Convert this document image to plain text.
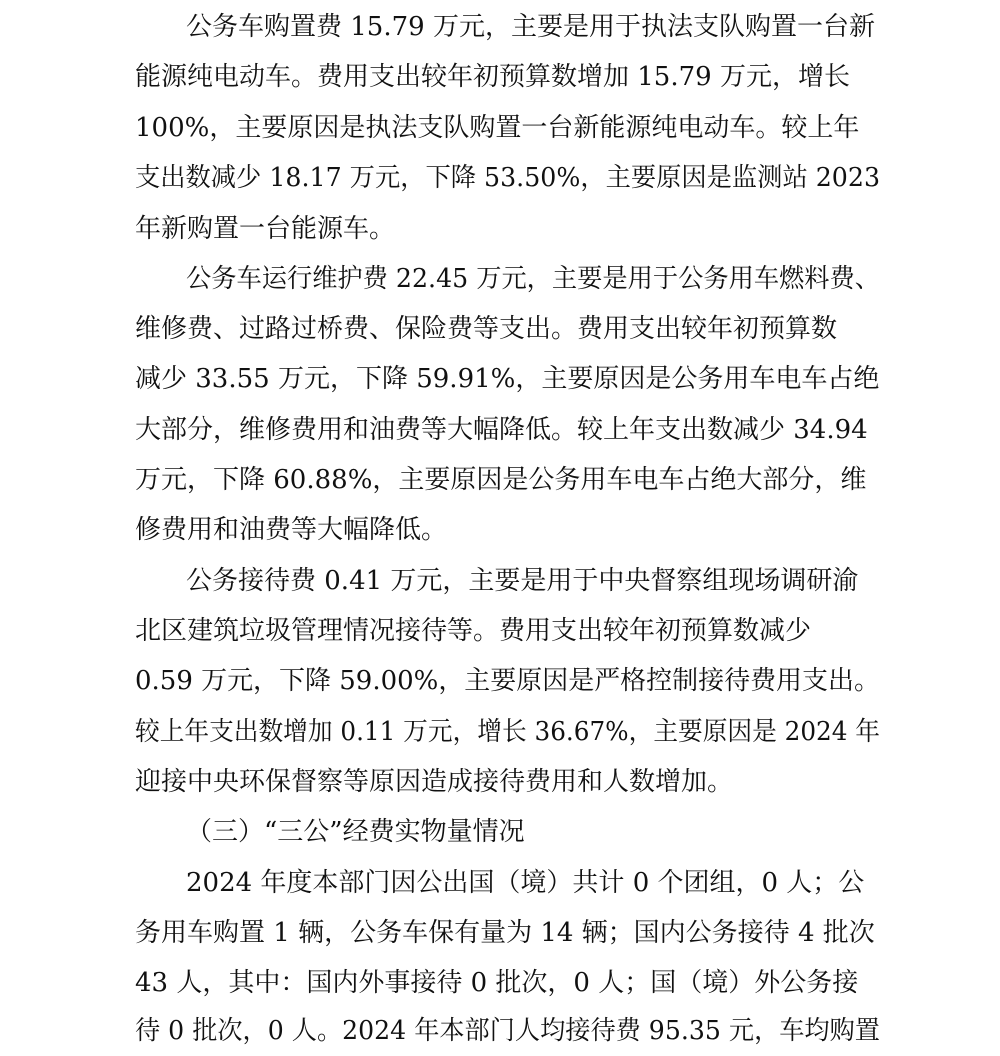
公务车购置费 15.79 万元，主要是用于执法支队购置一台新
能源纯电动车。费用支出较年初预算数增加 15.79 万元，增长
100%，主要原因是执法支队购置一台新能源纯电动车。较上年
支出数减少 18.17 万元，下降 53.50%，主要原因是监测站 2023
年新购置一台能源车。
公务车运行维护费 22.45 万元，主要是用于公务用车燃料费、
维修费、过路过桥费、保险费等支出。费用支出较年初预算数
减少 33.55 万元，下降 59.91%，主要原因是公务用车电车占绝
大部分，维修费用和油费等大幅降低。较上年支出数减少 34.94
万元，下降 60.88%，主要原因是公务用车电车占绝大部分，维
修费用和油费等大幅降低。
公务接待费 0.41 万元，主要是用于中央督察组现场调研渝
北区建筑垃圾管理情况接待等。费用支出较年初预算数减少
0.59 万元，下降 59.00%，主要原因是严格控制接待费用支出。
较上年支出数增加 0.11 万元，增长 36.67%，主要原因是 2024 年
迎接中央环保督察等原因造成接待费用和人数增加。
（三）“三公”经费实物量情况
2024 年度本部门因公出国（境）共计 0 个团组，0 人；公
务用车购置 1 辆，公务车保有量为 14 辆；国内公务接待 4 批次
43 人，其中：国内外事接待 0 批次，0 人；国（境）外公务接
待 0 批次，0 人。2024 年本部门人均接待费 95.35 元，车均购置
